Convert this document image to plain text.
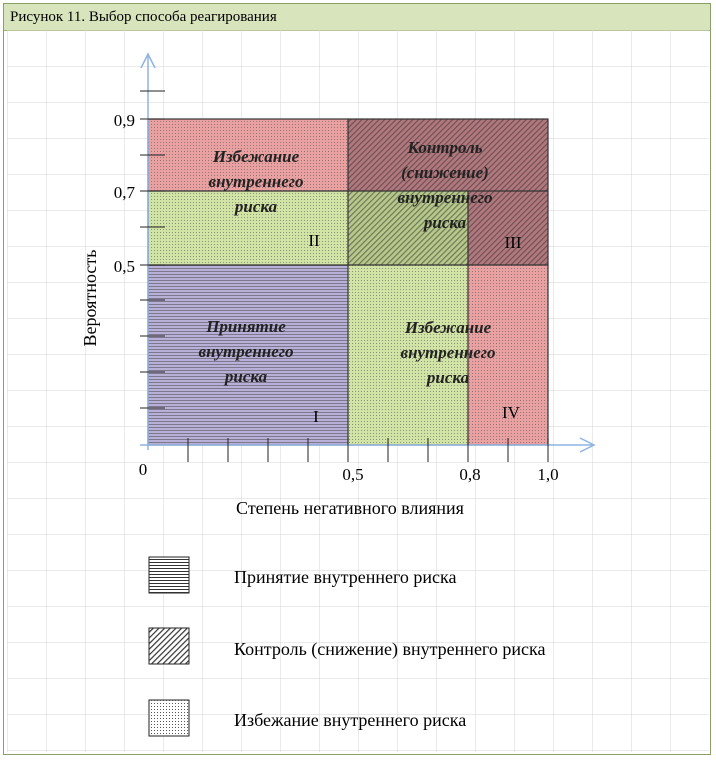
Рисунок 11. Выбор способа реагирования
0,9
0,7
0,5
0	0,5	0,8	1,0
Степень негативного влияния
Вероятность	Принятие
внутреннего
риска
I
Избежание
внутреннего
риска
II
Контроль
(снижение)
внутреннего
риска
III
Избежание
внутреннего
риска
IV
Принятие внутреннего риска
Контроль (снижение) внутреннего риска
Избежание внутреннего риска
